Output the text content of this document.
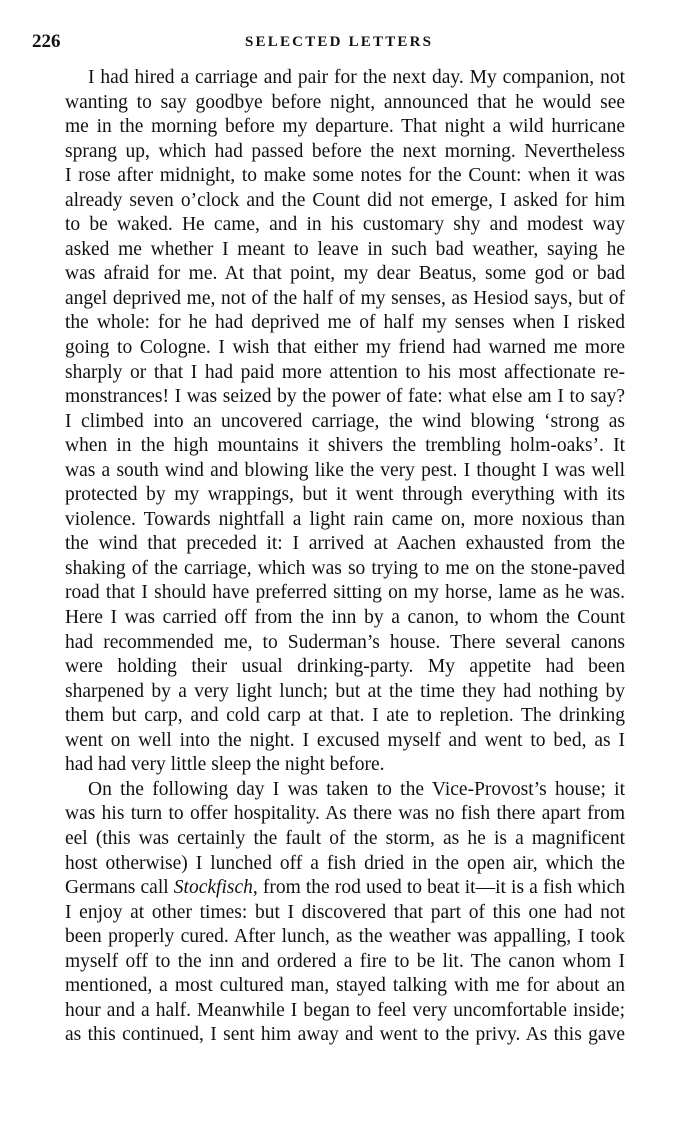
226	SELECTED LETTERS
I had hired a carriage and pair for the next day. My companion, not
wanting to say goodbye before night, announced that he would see
me in the morning before my departure. That night a wild hurricane
sprang up, which had passed before the next morning. Nevertheless
I rose after midnight, to make some notes for the Count: when it was
already seven o’clock and the Count did not emerge, I asked for him
to be waked. He came, and in his customary shy and modest way
asked me whether I meant to leave in such bad weather, saying he
was afraid for me. At that point, my dear Beatus, some god or bad
angel deprived me, not of the half of my senses, as Hesiod says, but of
the whole: for he had deprived me of half my senses when I risked
going to Cologne. I wish that either my friend had warned me more
sharply or that I had paid more attention to his most affectionate re-
monstrances! I was seized by the power of fate: what else am I to say?
I climbed into an uncovered carriage, the wind blowing ‘strong as
when in the high mountains it shivers the trembling holm-oaks’. It
was a south wind and blowing like the very pest. I thought I was well
protected by my wrappings, but it went through everything with its
violence. Towards nightfall a light rain came on, more noxious than
the wind that preceded it: I arrived at Aachen exhausted from the
shaking of the carriage, which was so trying to me on the stone-paved
road that I should have preferred sitting on my horse, lame as he was.
Here I was carried off from the inn by a canon, to whom the Count
had recommended me, to Suderman’s house. There several canons
were holding their usual drinking-party. My appetite had been
sharpened by a very light lunch; but at the time they had nothing by
them but carp, and cold carp at that. I ate to repletion. The drinking
went on well into the night. I excused myself and went to bed, as I
had had very little sleep the night before.
On the following day I was taken to the Vice-Provost’s house; it
was his turn to offer hospitality. As there was no fish there apart from
eel (this was certainly the fault of the storm, as he is a magnificent
host otherwise) I lunched off a fish dried in the open air, which the
Germans call Stockfisch, from the rod used to beat it—it is a fish which
I enjoy at other times: but I discovered that part of this one had not
been properly cured. After lunch, as the weather was appalling, I took
myself off to the inn and ordered a fire to be lit. The canon whom I
mentioned, a most cultured man, stayed talking with me for about an
hour and a half. Meanwhile I began to feel very uncomfortable inside;
as this continued, I sent him away and went to the privy. As this gave
